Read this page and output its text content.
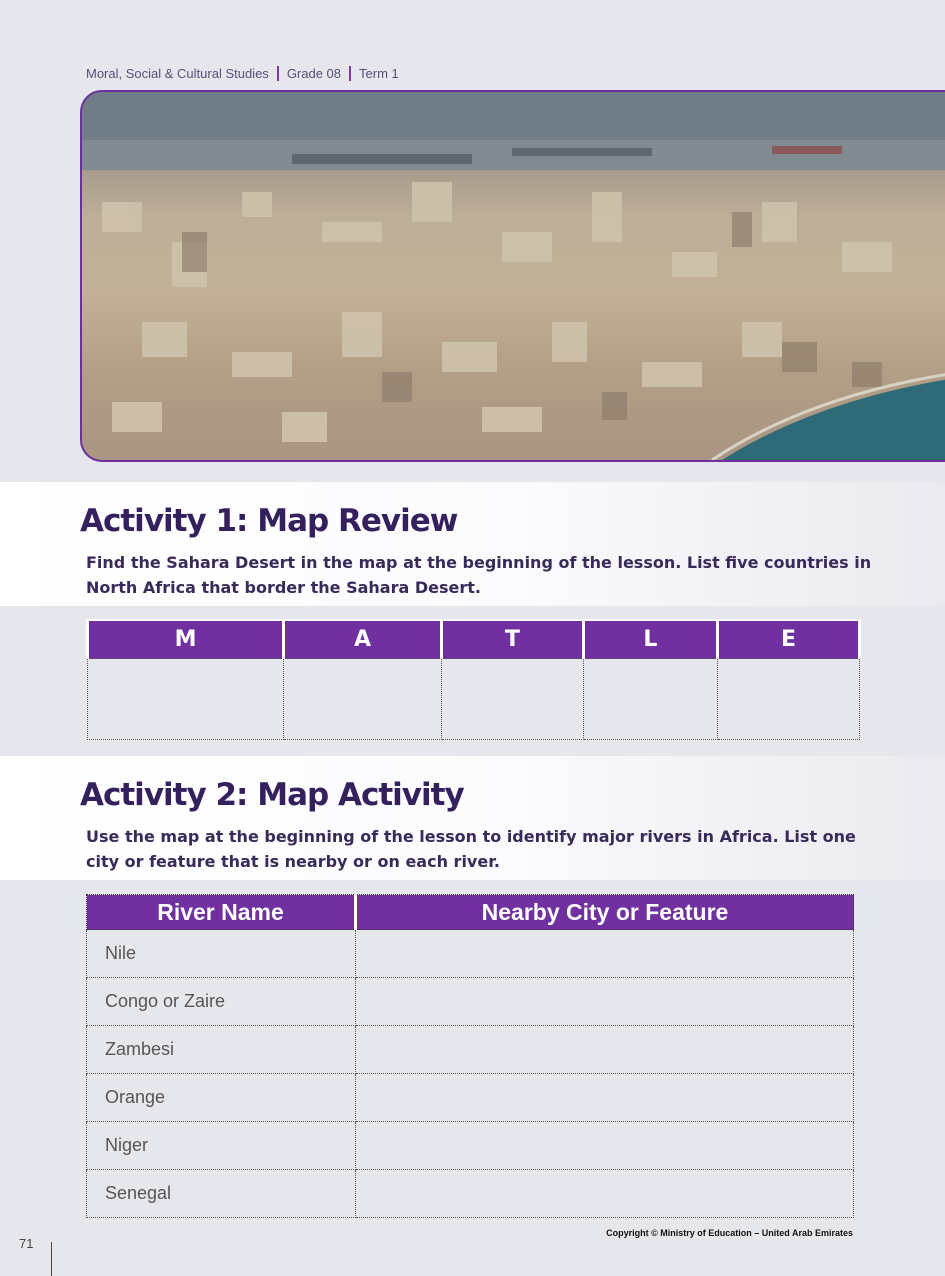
Moral, Social & Cultural Studies Grade 08 Term 1
Activity 1: Map Review

Find the Sahara Desert in the map at the beginning of the lesson. List five countries in North Africa that border the Sahara Desert.

M	A	T	L	E

Activity 2: Map Activity

Use the map at the beginning of the lesson to identify major rivers in Africa. List one city or feature that is nearby or on each river.

River Name	Nearby City or Feature
Nile	
Congo or Zaire	
Zambesi	
Orange	
Niger	
Senegal	
Copyright © Ministry of Education – United Arab Emirates
71
